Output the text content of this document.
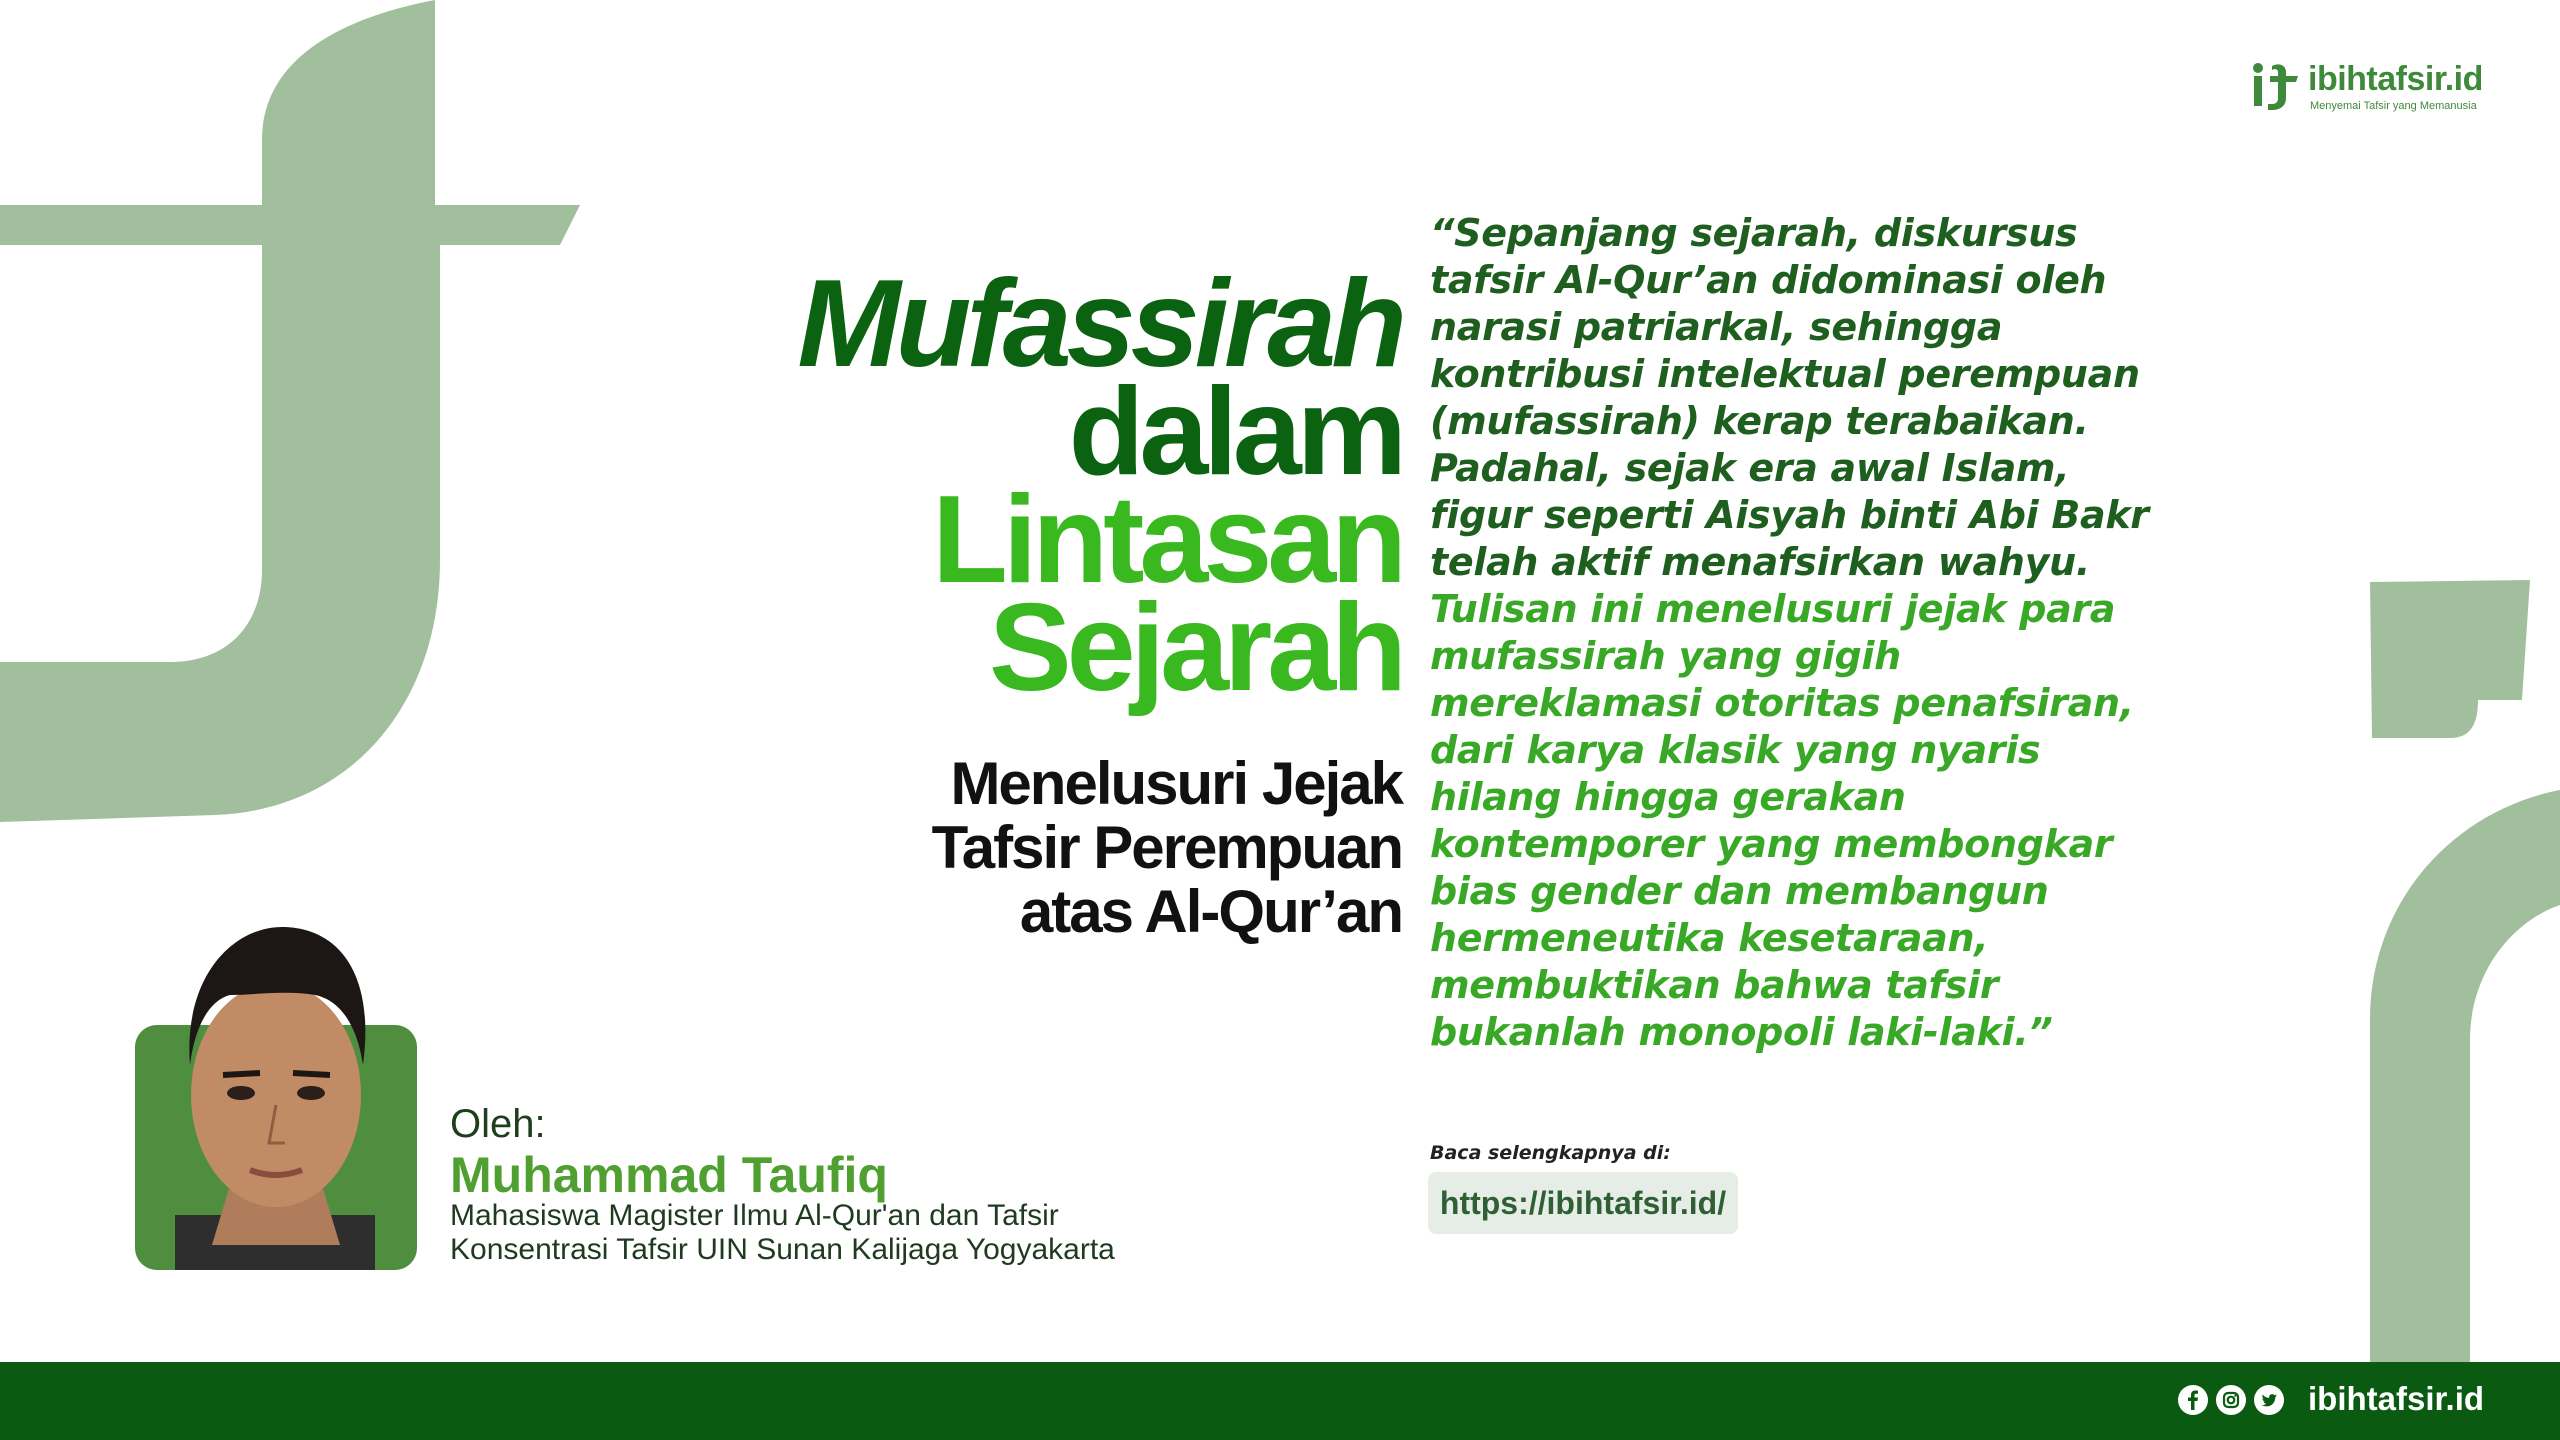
ibihtafsir.id
Menyemai Tafsir yang Memanusia
Mufassirah
dalam
Lintasan
Sejarah
Menelusuri Jejak
Tafsir Perempuan
atas Al-Qur’an
“Sepanjang sejarah, diskursus tafsir Al-Qur’an didominasi oleh narasi patriarkal, sehingga kontribusi intelektual perempuan (mufassirah) kerap terabaikan. Padahal, sejak era awal Islam, figur seperti Aisyah binti Abi Bakr telah aktif menafsirkan wahyu. Tulisan ini menelusuri jejak para mufassirah yang gigih mereklamasi otoritas penafsiran, dari karya klasik yang nyaris hilang hingga gerakan kontemporer yang membongkar bias gender dan membangun hermeneutika kesetaraan, membuktikan bahwa tafsir bukanlah monopoli laki-laki.”
Baca selengkapnya di:
https://ibihtafsir.id/
Oleh:
Muhammad Taufiq
Mahasiswa Magister Ilmu Al-Qur'an dan Tafsir
Konsentrasi Tafsir UIN Sunan Kalijaga Yogyakarta
ibihtafsir.id
